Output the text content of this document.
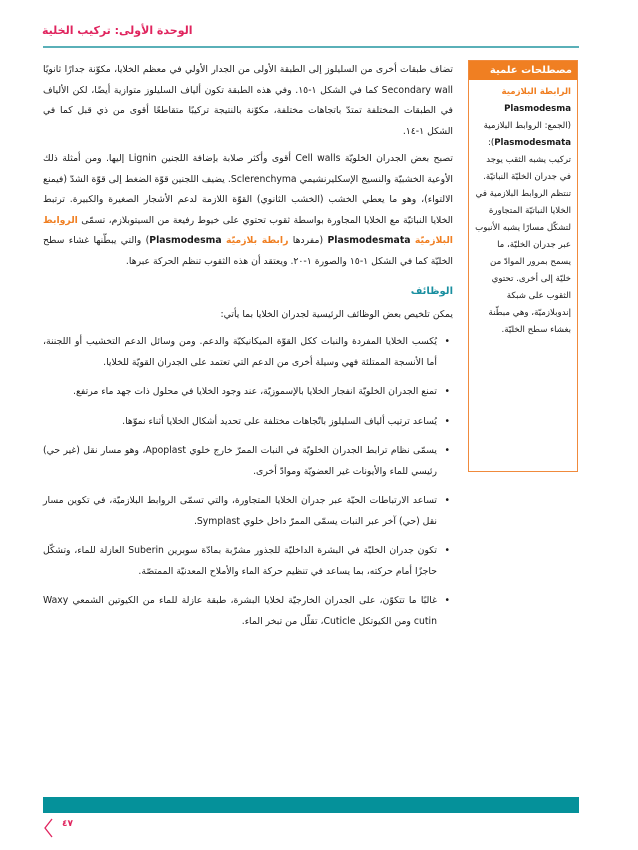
الوحدة الأولى: تركيب الخلية
مصطلحات علمية
الرابطة البلازمية
Plasmodesma
(الجمع: الروابط البلازمية
Plasmodesmata):
تركيب يشبه الثقب يوجد في جدران الخليّة النباتيّة. تنتظم الروابط البلازمية في الخلايا النباتيّة المتجاورة لتشكّل مسارًا يشبه الأنبوب عبر جدران الخليّة، ما يسمح بمرور الموادّ من خليّة إلى أخرى. تحتوي الثقوب على شبكة إندوبلازميّة، وهي مبطّنة بغشاء سطح الخليّة.

تضاف طبقات أخرى من السليلوز إلى الطبقة الأولى من الجدار الأولي في معظم الخلايا، مكوّنة جدارًا ثانويًا Secondary wall كما في الشكل ١-١٥. وفي هذه الطبقة تكون ألياف السليلوز متوازية أيضًا، لكن الألياف في الطبقات المختلفة تمتدّ باتجاهات مختلفة، مكوّنة بالنتيجة تركيبًا متقاطعًا أقوى من ذي قبل كما في الشكل ١-١٤.

تصبح بعض الجدران الخلويّة Cell walls أقوى وأكثر صلابة بإضافة اللجنين Lignin إليها. ومن أمثلة ذلك الأوعية الخشبيّة والنسيج الإسكليرنشيمي Sclerenchyma. يضيف اللجنين قوّة الضغط إلى قوّة الشدّ (فيمنع الالتواء)، وهو ما يعطي الخشب (الخشب الثانوي) القوّة اللازمة لدعم الأشجار الصغيرة والكبيرة. ترتبط الخلايا النباتيّة مع الخلايا المجاورة بواسطة ثقوب تحتوي على خيوط رفيعة من السيتوبلازم، تسمّى الروابط البلازميّة Plasmodesmata (مفردها رابطة بلازميّة Plasmodesma) والتي يبطّنها غشاء سطح الخليّة كما في الشكل ١-١٥ والصورة ١-٢٠. ويعتقد أن هذه الثقوب تنظم الحركة عبرها.

الوظائف

يمكن تلخيص بعض الوظائف الرئيسية لجدران الخلايا بما يأتي:

•
يُكسب الخلايا المفردة والنبات ككل القوّة الميكانيكيّة والدعم. ومن وسائل الدعم التخشيب أو اللجننة، أما الأنسجة الممتلئة فهي وسيلة أخرى من الدعم التي تعتمد على الجدران القويّة للخلايا.
•
تمنع الجدران الخلويّة انفجار الخلايا بالإسموزيّة، عند وجود الخلايا في محلول ذات جهد ماء مرتفع.
•
يُساعد ترتيب ألياف السليلوز باتّجاهات مختلفة على تحديد أشكال الخلايا أثناء نموّها.
•
يسمّى نظام ترابط الجدران الخلويّة في النبات الممرّ خارج خلوي Apoplast، وهو مسار نقل (غير حي) رئيسي للماء والأيونات غير العضويّة وموادّ أخرى.
•
تساعد الارتباطات الحيّة عبر جدران الخلايا المتجاورة، والتي تسمّى الروابط البلازميّة، في تكوين مسار نقل (حي) آخر عبر النبات يسمّى الممرّ داخل خلوي Symplast.
•
تكون جدران الخليّة في البشرة الداخليّة للجذور مشرّبة بمادّة سوبرين Suberin العازلة للماء، وتشكّل حاجزًا أمام حركته، بما يساعد في تنظيم حركة الماء والأملاح المعدنيّة الممتصّة.
•
غالبًا ما تتكوّن، على الجدران الخارجيّة لخلايا البشرة، طبقة عازلة للماء من الكيوتين الشمعي Waxy cutin ومن الكيوتكل Cuticle، تقلّل من تبخر الماء.
٤٧
